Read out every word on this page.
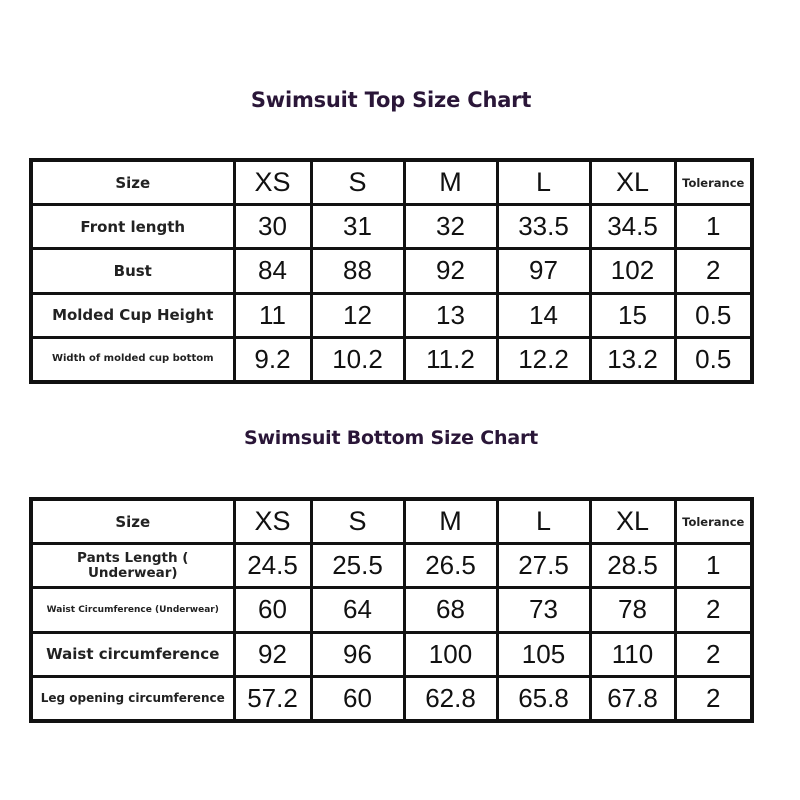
Swimsuit Top Size Chart
Size	XS	S	M	L	XL	Tolerance
Front length	30	31	32	33.5	34.5	1
Bust	84	88	92	97	102	2
Molded Cup Height	11	12	13	14	15	0.5
Width of molded cup bottom	9.2	10.2	11.2	12.2	13.2	0.5
Swimsuit Bottom Size Chart
Size	XS	S	M	L	XL	Tolerance
Pants Length ( Underwear)	24.5	25.5	26.5	27.5	28.5	1
Waist Circumference (Underwear)	60	64	68	73	78	2
Waist circumference	92	96	100	105	110	2
Leg opening circumference	57.2	60	62.8	65.8	67.8	2
